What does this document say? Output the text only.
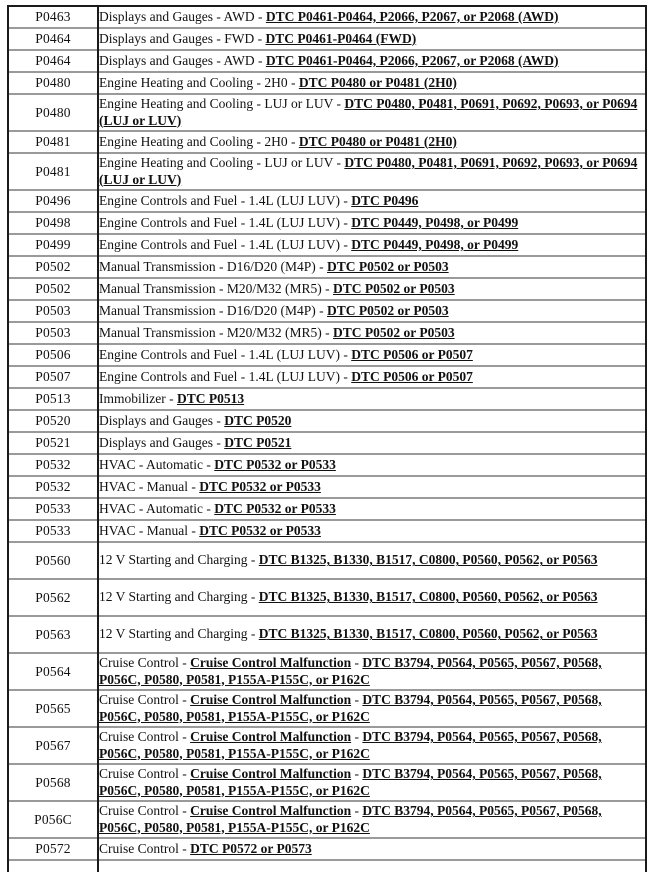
P0463	Displays and Gauges - AWD - DTC P0461-P0464, P2066, P2067, or P2068 (AWD)
P0464	Displays and Gauges - FWD - DTC P0461-P0464 (FWD)
P0464	Displays and Gauges - AWD - DTC P0461-P0464, P2066, P2067, or P2068 (AWD)
P0480	Engine Heating and Cooling - 2H0 - DTC P0480 or P0481 (2H0)
P0480	Engine Heating and Cooling - LUJ or LUV - DTC P0480, P0481, P0691, P0692, P0693, or P0694 (LUJ or LUV)
P0481	Engine Heating and Cooling - 2H0 - DTC P0480 or P0481 (2H0)
P0481	Engine Heating and Cooling - LUJ or LUV - DTC P0480, P0481, P0691, P0692, P0693, or P0694 (LUJ or LUV)
P0496	Engine Controls and Fuel - 1.4L (LUJ LUV) - DTC P0496
P0498	Engine Controls and Fuel - 1.4L (LUJ LUV) - DTC P0449, P0498, or P0499
P0499	Engine Controls and Fuel - 1.4L (LUJ LUV) - DTC P0449, P0498, or P0499
P0502	Manual Transmission - D16/D20 (M4P) - DTC P0502 or P0503
P0502	Manual Transmission - M20/M32 (MR5) - DTC P0502 or P0503
P0503	Manual Transmission - D16/D20 (M4P) - DTC P0502 or P0503
P0503	Manual Transmission - M20/M32 (MR5) - DTC P0502 or P0503
P0506	Engine Controls and Fuel - 1.4L (LUJ LUV) - DTC P0506 or P0507
P0507	Engine Controls and Fuel - 1.4L (LUJ LUV) - DTC P0506 or P0507
P0513	Immobilizer - DTC P0513
P0520	Displays and Gauges - DTC P0520
P0521	Displays and Gauges - DTC P0521
P0532	HVAC - Automatic - DTC P0532 or P0533
P0532	HVAC - Manual - DTC P0532 or P0533
P0533	HVAC - Automatic - DTC P0532 or P0533
P0533	HVAC - Manual - DTC P0532 or P0533
P0560	12 V Starting and Charging - DTC B1325, B1330, B1517, C0800, P0560, P0562, or P0563
P0562	12 V Starting and Charging - DTC B1325, B1330, B1517, C0800, P0560, P0562, or P0563
P0563	12 V Starting and Charging - DTC B1325, B1330, B1517, C0800, P0560, P0562, or P0563
P0564	Cruise Control - Cruise Control Malfunction - DTC B3794, P0564, P0565, P0567, P0568, P056C, P0580, P0581, P155A-P155C, or P162C
P0565	Cruise Control - Cruise Control Malfunction - DTC B3794, P0564, P0565, P0567, P0568, P056C, P0580, P0581, P155A-P155C, or P162C
P0567	Cruise Control - Cruise Control Malfunction - DTC B3794, P0564, P0565, P0567, P0568, P056C, P0580, P0581, P155A-P155C, or P162C
P0568	Cruise Control - Cruise Control Malfunction - DTC B3794, P0564, P0565, P0567, P0568, P056C, P0580, P0581, P155A-P155C, or P162C
P056C	Cruise Control - Cruise Control Malfunction - DTC B3794, P0564, P0565, P0567, P0568, P056C, P0580, P0581, P155A-P155C, or P162C
P0572	Cruise Control - DTC P0572 or P0573
